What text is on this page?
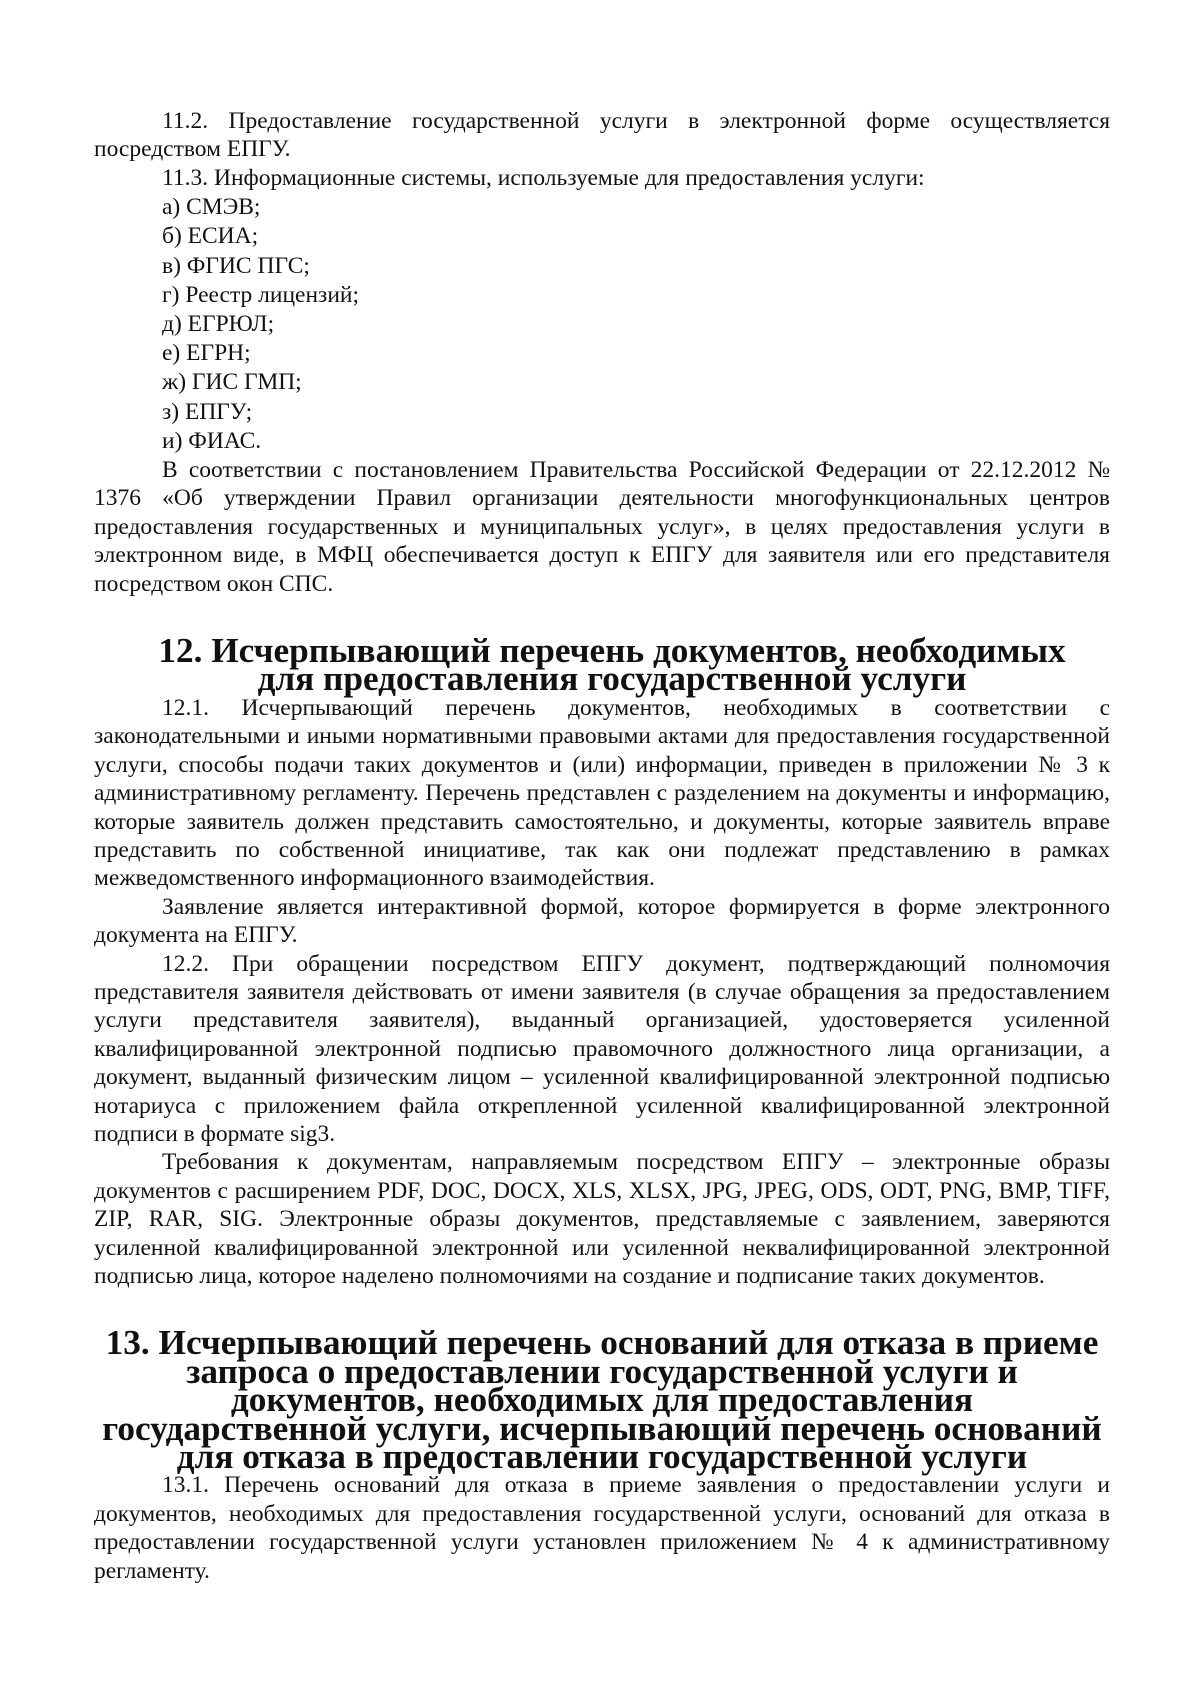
11.2. Предоставление государственной услуги в электронной форме осуществляется посредством ЕПГУ.

11.3. Информационные системы, используемые для предоставления услуги:

а) СМЭВ;

б) ЕСИА;

в) ФГИС ПГС;

г) Реестр лицензий;

д) ЕГРЮЛ;

е) ЕГРН;

ж) ГИС ГМП;

з) ЕПГУ;

и) ФИАС.

В соответствии с постановлением Правительства Российской Федерации от 22.12.2012 № 1376 «Об утверждении Правил организации деятельности многофункциональных центров предоставления государственных и муниципальных услуг», в целях предоставления услуги в электронном виде, в МФЦ обеспечивается доступ к ЕПГУ для заявителя или его представителя посредством окон СПС.

12. Исчерпывающий перечень документов, необходимых для предоставления государственной услуги

12.1. Исчерпывающий перечень документов, необходимых в соответствии с законодательными и иными нормативными правовыми актами для предоставления государственной услуги, способы подачи таких документов и (или) информации, приведен в приложении № 3 к административному регламенту. Перечень представлен с разделением на документы и информацию, которые заявитель должен представить самостоятельно, и документы, которые заявитель вправе представить по собственной инициативе, так как они подлежат представлению в рамках межведомственного информационного взаимодействия.

Заявление является интерактивной формой, которое формируется в форме электронного документа на ЕПГУ.

12.2. При обращении посредством ЕПГУ документ, подтверждающий полномочия представителя заявителя действовать от имени заявителя (в случае обращения за предоставлением услуги представителя заявителя), выданный организацией, удостоверяется усиленной квалифицированной электронной подписью правомочного должностного лица организации, а документ, выданный физическим лицом – усиленной квалифицированной электронной подписью нотариуса с приложением файла открепленной усиленной квалифицированной электронной подписи в формате sig3.

Требования к документам, направляемым посредством ЕПГУ – электронные образы документов с расширением PDF, DOC, DOCX, XLS, XLSX, JPG, JPEG, ODS, ODT, PNG, BMP, TIFF, ZIP, RAR, SIG. Электронные образы документов, представляемые с заявлением, заверяются усиленной квалифицированной электронной или усиленной неквалифицированной электронной подписью лица, которое наделено полномочиями на создание и подписание таких документов.

13. Исчерпывающий перечень оснований для отказа в приеме запроса о предоставлении государственной услуги и документов, необходимых для предоставления государственной услуги, исчерпывающий перечень оснований для отказа в предоставлении государственной услуги

13.1. Перечень оснований для отказа в приеме заявления о предоставлении услуги и документов, необходимых для предоставления государственной услуги, оснований для отказа в предоставлении государственной услуги установлен приложением № 4 к административному регламенту.
